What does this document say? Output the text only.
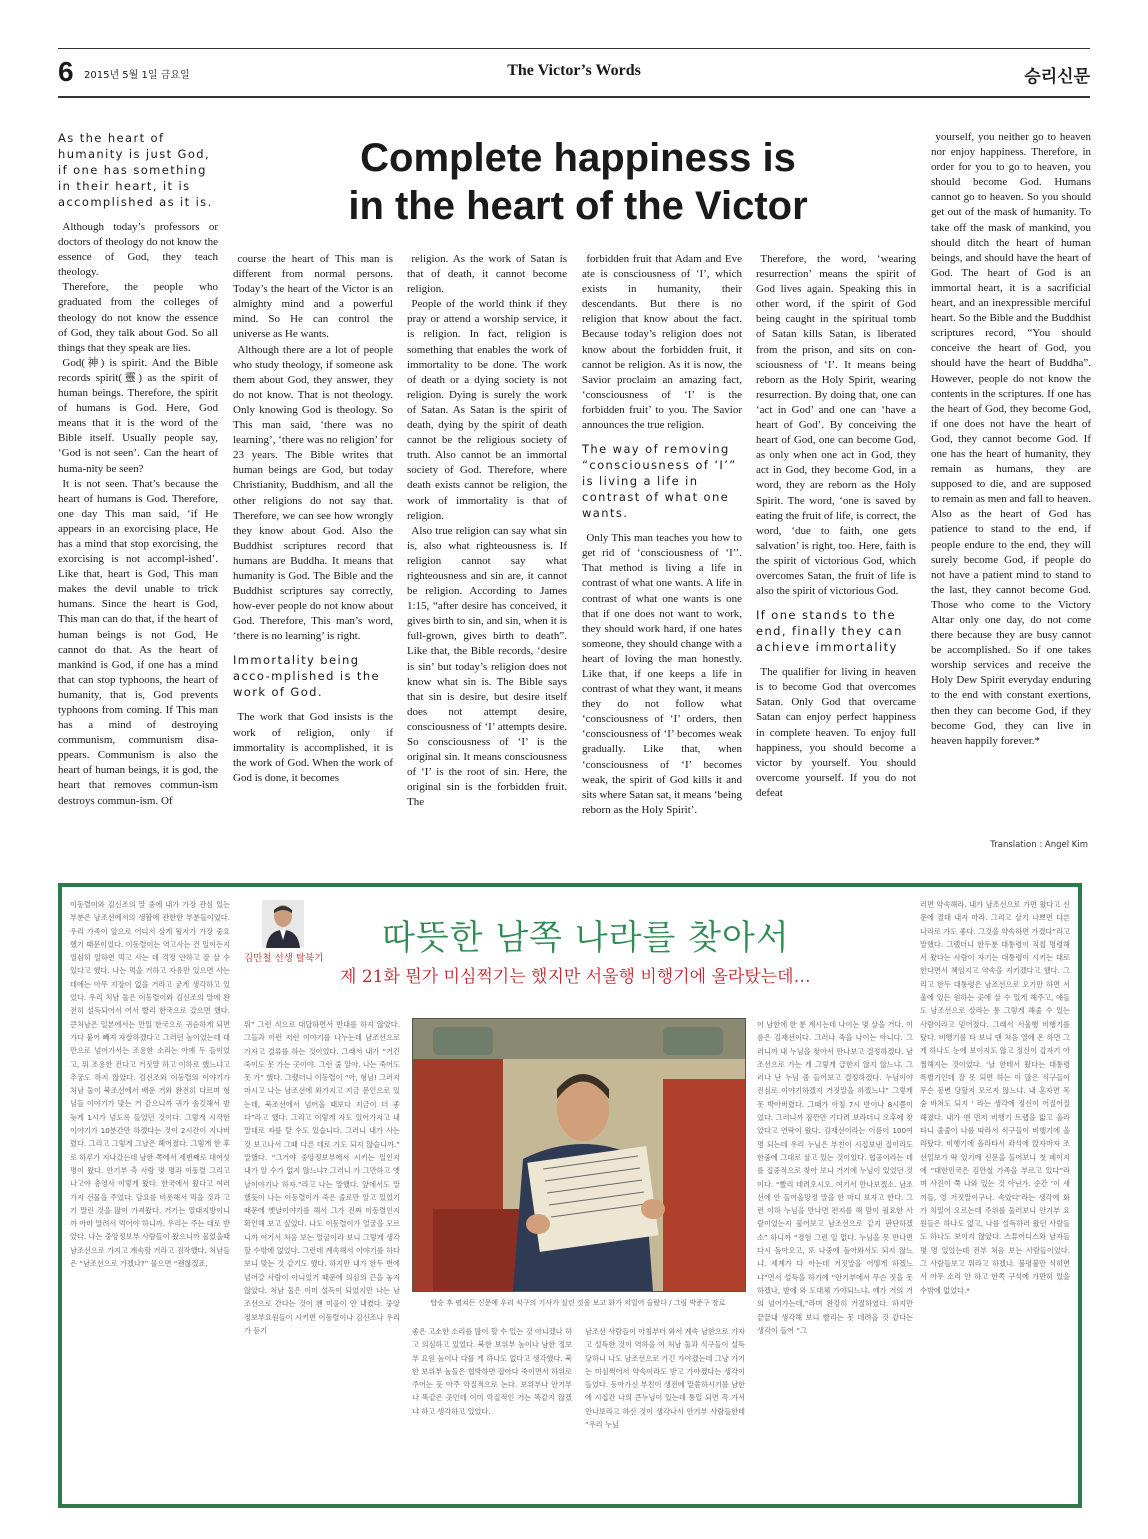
6 2015년 5월 1일 금요일	The Victor’s Words	승리신문
As the heart of humanity is just God, if one has something in their heart, it is accomplished as it is.

Although today’s professors or doctors of theology do not know the essence of God, they teach theology.

Therefore, the people who graduated from the colleges of theology do not know the essence of God, they talk about God. So all things that they speak are lies.

God(神) is spirit. And the Bible records spirit(靈) as the spirit of human beings. Therefore, the spirit of humans is God. Here, God means that it is the word of the Bible itself. Usually people say, ‘God is not seen’. Can the heart of huma-nity be seen?

It is not seen. That’s because the heart of humans is God. Therefore, one day This man said, ‘if He appears in an exorcising place, He has a mind that stop exorcising, the exorcising is not accompl-ished’. Like that, heart is God, This man makes the devil unable to trick humans. Since the heart is God, This man can do that, if the heart of human beings is not God, He cannot do that. As the heart of mankind is God, if one has a mind that can stop typhoons, the heart of humanity, that is, God prevents typhoons from coming. If This man has a mind of destroying communism, communism disa-ppears. Communism is also the heart of human beings, it is god, the heart that removes commun-ism destroys commun-ism. Of

Complete happiness is
in the heart of the Victor

course the heart of This man is different from normal persons. Today’s the heart of the Victor is an almighty mind and a powerful mind. So He can control the universe as He wants.

Although there are a lot of people who study theology, if someone ask them about God, they answer, they do not know. That is not theology. Only knowing God is theology. So This man said, ‘there was no learning’, ‘there was no religion’ for 23 years. The Bible writes that human beings are God, but today Christianity, Buddhism, and all the other religions do not say that. Therefore, we can see how wrongly they know about God. Also the Buddhist scriptures record that humans are Buddha. It means that humanity is God. The Bible and the Buddhist scriptures say correctly, how-ever people do not know about God. Therefore, This man’s word, ‘there is no learning’ is right.

Immortality being acco-mplished is the work of God.

The work that God insists is the work of religion, only if immortality is accomplished, it is the work of God. When the work of God is done, it becomes

religion. As the work of Satan is that of death, it cannot become religion.

People of the world think if they pray or attend a worship service, it is religion. In fact, religion is something that enables the work of immortality to be done. The work of death or a dying society is not religion. Dying is surely the work of Satan. As Satan is the spirit of death, dying by the spirit of death cannot be the religious society of truth. Also cannot be an immortal society of God. Therefore, where death exists cannot be religion, the work of immortality is that of religion.

Also true religion can say what sin is, also what righteousness is. If religion cannot say what righteousness and sin are, it cannot be religion. According to James 1:15, “after desire has conceived, it gives birth to sin, and sin, when it is full-grown, gives birth to death”. Like that, the Bible records, ‘desire is sin’ but today’s religion does not know what sin is. The Bible says that sin is desire, but desire itself does not attempt desire, consciousness of ‘I’ attempts desire. So consciousness of ‘I’ is the original sin. It means consciousness of ‘I’ is the root of sin. Here, the original sin is the forbidden fruit. The

forbidden fruit that Adam and Eve ate is consciousness of ‘I’, which exists in humanity, their descendants. But there is no religion that know about the fact. Because today’s religion does not know about the forbidden fruit, it cannot be religion. As it is now, the Savior proclaim an amazing fact, ‘consciousness of ‘I’ is the forbidden fruit’ to you. The Savior announces the true religion.

The way of removing “consciousness of ‘I’” is living a life in contrast of what one wants.

Only This man teaches you how to get rid of ‘consciousness of ‘I’’. That method is living a life in contrast of what one wants. A life in contrast of what one wants is one that if one does not want to work, they should work hard, if one hates someone, they should change with a heart of loving the man honestly. Like that, if one keeps a life in contrast of what they want, it means they do not follow what ‘consciousness of ‘I’ orders, then ‘consciousness of ‘I’ becomes weak gradually. Like that, when ‘consciousness of ‘I’ becomes weak, the spirit of God kills it and sits where Satan sat, it means ‘being reborn as the Holy Spirit’.

Therefore, the word, ‘wearing resurrection’ means the spirit of God lives again. Speaking this in other word, if the spirit of God being caught in the spiritual tomb of Satan kills Satan, is liberated from the prison, and sits on con-sciousness of ‘I’. It means being reborn as the Holy Spirit, wearing resurrection. By doing that, one can ‘act in God’ and one can ‘have a heart of God’. By conceiving the heart of God, one can become God, as only when one act in God, they act in God, they become God, in a word, they are reborn as the Holy Spirit. The word, ‘one is saved by eating the fruit of life, is correct, the word, ‘due to faith, one gets salvation’ is right, too. Here, faith is the spirit of victorious God, which overcomes Satan, the fruit of life is also the spirit of victorious God.

If one stands to the end, finally they can achieve immortality

The qualifier for living in heaven is to become God that overcomes Satan. Only God that overcame Satan can enjoy perfect happiness in complete heaven. To enjoy full happiness, you should become a victor by yourself. You should overcome yourself. If you do not defeat

yourself, you neither go to heaven nor enjoy happiness. Therefore, in order for you to go to heaven, you should become God. Humans cannot go to heaven. So you should get out of the mask of humanity. To take off the mask of mankind, you should ditch the heart of human beings, and should have the heart of God. The heart of God is an immortal heart, it is a sacrificial heart, and an inexpressible merciful heart. So the Bible and the Buddhist scriptures record, “You should conceive the heart of God, you should have the heart of Buddha”. However, people do not know the contents in the scriptures. If one has the heart of God, they become God, if one does not have the heart of God, they cannot become God. If one has the heart of humanity, they remain as humans, they are supposed to die, and are supposed to remain as men and fall to heaven. Also as the heart of God has patience to stand to the end, if people endure to the end, they will surely become God, if people do not have a patient mind to stand to the last, they cannot become God. Those who come to the Victory Altar only one day, do not come there because they are busy cannot be accomplished. So if one takes worship services and receive the Holy Dew Spirit everyday enduring to the end with constant exertions, then they can become God, if they become God, they can live in heaven happily forever.*

Translation : Angel Kim
이동렬이와 김신조의 말 중에 내가 가장 관심 있는 부분은 남조선에서의 생활에 관한한 부분들이었다. 우리 가족이 앞으로 어디서 살게 될지가 가장 중요했기 때문이었다. 이동렬이는 역고사는 건 일이든지 열심히 일하면 먹고 사는 데 걱정 안하고 잘 살 수 있다고 했다. 나는 먹을 거하고 자유만 있으면 사는 데에는 아무 지장이 없을 거라고 굳게 생각하고 있었다. 우리 처남 둘은 이동렬이와 김신조의 말에 완전히 설득되어서 어서 빨리 한국으로 갔으면 했다. 큰처남은 일본에서는 만일 한국으로 귀순하게 되면 가다 붙어 빼져 자살하겠다고 그러던 놈이었는데 대만으로 넘어가서는 조용한 소리는 아예 두 들이었고, 뭐 조용한 건다고 거짓말 하고 이하로 했느냐고 추궁도 하지 않았다. 김신조와 이동렬의 이야기가 처남 둘이 북조선에서 배운 거와 완전히 다르며 형님들 이야기가 맞는 거 같으니까 귀가 솔깃해서 밤늦게 1시가 넘도록 들었던 것이다. 그렇게 시작한 이야기가 10분간만 하겠다는 것이 2시간이 지나버렸다. 그리고 그렇게 그날은 헤어졌다. 그렇게 한 후로 하루가 지나갔는데 남한 쪽에서 세번째로 대여섯 명이 왔다. 안기부 측 사람 몇 명과 이동렬 그리고 나고야 총영사 이렇게 왔다. 한국에서 왔다고 여러 가지 선물을 주었다. 담요를 비롯해서 먹을 것과 고기 말린 것을 많이 가져왔다. 거기는 열대지방이니까 아마 말려서 먹어야 하니까. 우리는 주는 대로 받았다. 나는 중앙정보부 사람들이 왔으니까 물었을때 남조선으로 가지고 계속할 거라고 짐작했다. 처남들은 “남조선으로 가겠나?” 물으면 “괜찮겠죠,
김만철 선생 탈북기
따뜻한 남쪽 나라를 찾아서
제 21화 뭔가 미심쩍기는 했지만 서울행 비행기에 올라탔는데…
뭐” 그런 식으로 대답하면서 반대를 하지 않았다. 그들과 이런 저런 이야기를 나누는데 남조선으로 가자고 결류를 하는 것이었다. 그래서 내가 “거긴 죽이도 못 가는 곳이야. 그런 줄 알아. 나는 죽어도 못 가” 했다. 그랬더니 이동렬이 “아, 형님! 그러지 마시고 나는 남조선에 와가지고 지금 문인으로 있는데, 북조선에서 넘어올 때보다 지금이 더 좋다”라고 했다. 그리고 이렇게 자도 있어가지고 내 말대로 자를 탈 수도 있습니다. 그러니 내가 사는 것 보고나서 그때 다른 데로 가도 되지 않습니까.” 말했다. “그거야 중앙정보부에서 시키는 일인지 내가 알 수가 없지 않느냐? 그러니 가 그만하고 옛날이야기나 하자.”라고 나는 말했다. 앞에서도 말했듯이 나는 이동렬이가 죽은 줄로만 알고 있었기 때문에 옛날이야기를 해서 그가 진짜 이동렬인지 확인해 보고 싶었다. 나도 이동렬이가 얼굴을 모르니까 여기서 처음 보는 얼굴이라 보니 그렇게 생각할 수밖에 없었다. 그런데 계속해서 이야기를 하다 보니 맞는 것 같기도 했다. 하지만 내가 한두 번에 넘어갈 사람이 아니었기 때문에 의심의 끈을 놓지 않았다. 처남 둘은 이미 설득이 되었지만 나는 남조선으로 간다는 것이 왠 미음이 안 내켰다. 중앙정보부요원들이 시키면 이동렬이나 김신조나 우리가 듣기
탑승 후 펼쳐든 신문에 우리 식구의 기사가 실린 것을 보고 화가 치밀어 올랐다 / 그림 박준구 장로
좋은 고소한 소리를 많이 할 수 있는 것 아니겠나 하고 의심하고 있었다. 북한 보위부 놈이나 남한 정보부 요원 놈이나 다를 게 하나도 없다고 생각했다. 북한 보위부 놈들은 협박하면 잡아다 죽이면서 하위로 주어는 듯 아주 악질적으로 논다. 보위부나 안기부나 똑같은 곳인데 이미 악질적인 거는 똑같지 않겠냐 하고 생각하고 있었다.
남조선 사람들이 아침부터 와서 계속 남한으로 가자고 설득한 것이 역하을 여 처남 둘과 식구들이 설득당하니 나도 남조선으로 가긴 가야겠는데 그냥 가기는 미심쩍어서 약속이라도 받고 가야겠다는 생각이 들었다. 동아가신 부친이 생전에 말씀하시기를 남한에 시집간 나의 큰누님이 있는데 통일 되면 꼭 가서 만나보라고 하신 것이 생각나서 안기부 사람들한테 “우리 누님
이 남한에 한 분 계시는데 나이는 몇 살을 거다. 이름은 김재선이다. 그러나 죽을 나이는 아니다. 그러니까 내 누님을 찾아서 만나보고 결정하겠다. 남조선으로 가는 게 그렇게 급한지 않지 않느냐. 그러나 난 누님 좀 들어보고 결정하겠다. 누님이야 진심로 이야기하겠지 거짓말을 하겠느냐” 그렇게 못 박아버렸다. 그때가 아침 7시 반이나 8시쯤이었다. 그러니까 잠깐만 기다려 보라더니 오후에 찾았다고 연락이 왔다. 김재선이라는 이름이 100여 명 되는데 우리 누님은 부친이 시집보낸 집이라도 한줌에 그대로 살고 있는 것이었다. 협공이라는 데를 집중적으로 찾아 보니 거기에 누님이 있었던 것이다. “빨리 데려오시오. 여기서 만나보겠소. 남조선에 안 들어올망정 말을 한 마디 보자고 한다. 그런 이하 누님을 만나면 편지를 해 맘이 필요한 사람이었는지 물어보고 남조선으로 같지 판단하겠소” 하니까 “경험 그런 일 없다. 누님을 못 만나면 다시 돌아오고, 또 나중에 돌아와서도 되지 않느냐. 세계가 다 아는데 거짓말을 어떻게 하겠느냐”면서 설득을 하기에 “안기부에서 무슨 짓을 못 하겠나, 밤에 와 도대체 가야되느냐. 얘가 거의 거의 넘어가는데,”라며 완강히 거절하였다. 하지만 끝끝내 생각해 보니 빨리는 못 데려올 것 같다는 생각이 들어 “그
러면 약속해라. 내가 남조선으로 가면 왔다고 신문에 절대 내지 마라. 그리고 살기 나쁘면 다른 나라로 가도 좋다. 그것을 약속하면 가겠다”라고 말했다. 그랬더니 한두분 대통령이 직접 명령해서 왔다는 사람이 자기는 대통령이 시키는 대로 한다면서 책임지고 약속을 지키겠다고 했다. 그리고 한두 대통령은 남조선으로 오기만 하면 서울에 있든 원하는 곳에 살 수 있게 해주고, 얘들도 남조선으로 살라는 통 그렇게 해줄 수 있는 사람이라고 믿어졌다. 그래서 서울행 비행기를 탔다. 비행기를 타 보니 맨 처음 열에 온 하면 그게 하나도 눈에 보이지도 않고 정신이 갑자기 아찔해지는 것이었다. ‘날 한테서 왔다는 대통령 특별기인데 잘 못 되면 하는 이 많은 식구들이 무슨 봉변 당할지 모르지 않느냐. 내 혼자면 목숨 바쳐도 되지 ’ 라는 생각에 정신이 어질어질해졌다. 내가 앤 먼저 비행기 트랩을 밟고 올라타니 줄줄이 나를 따라서 식구들이 비행기에 올라탔다. 비행기에 올라타서 좌석에 앉자마자 조선일보가 딱 있기에 신문을 들어보니 첫 페이지에 “대한민국은 김만철 가족을 부르고 있다”라며 사진이 쭉 나와 있는 것 아닌가. 순간 ‘이 새끼들, 영 거짓말이구나. 속았다’라는 생각에 화가 치밀어 오르는데 주위를 둘러보니 안기부 요원들은 하나도 없고, 나를 설득하러 왔던 사람들도 하나도 보이지 않았다. 스튜어디스와 남자들 몇 명 있었는데 전부 처음 보는 사람들이었다. 그 사람들보고 뭐라고 하겠나. 불평불만 식히면서 아무 소리 안 하고 한쪽 구석에 가만히 있을 수밖에 없었다.*
